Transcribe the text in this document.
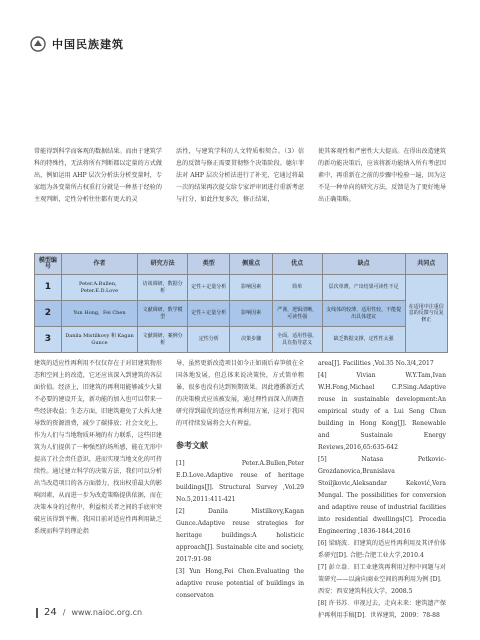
中国民族建筑
常能得到科学而客观的数据结果。而由于建筑学科的特殊性，无法将所有判断都以定量的方式做出，例如运用 AHP 层次分析法分析变量时，专家组为各变量所占权重打分就是一种基于经验的主观判断，定性分析往往都有更大的灵
活性，与建筑学科的人文特质相契合。（3）信息的反馈与修正需要贯彻整个决策阶段。德尔菲法对 AHP 层次分析法进行了补充，它通过将最一次的结果再次提交给专家评审团进行重新考虑与打分，如此往复多次，修正结果，
使其客观性和严密性大大提高。在得出改造建筑的新功能决策后，应该将新功能纳入所有考虑因素中，再重新在之前的步骤中检验一遍，因为这不是一种单向的研究方法，反馈是为了更好地导出正确策略。
模型编号	作者	研究方法	类型	侧重点	优点	缺点	共同点
1	Peter.A.Bullen，Peter.E.D.Love	访谈调研，数据分析	定性＋定量分析	影响因素	简单	层次单薄，产出结果可读性不足	在适用中注重信息的反馈与反复修正
2	Yun Hong，Fei Chen	文献调研，数学模型	定性＋定量分析	影响因素	严谨，逻辑清晰，可读性强	支线体的较薄，适用性较，不能提出具体建议	
3	Danila Mistilkovy 和 Kagan Gunce	文献调研，案例分析	定性分析	决策步骤	全面，适用性强，具有指导意义	缺乏数据支撑，定性性太强	
建筑的适应性再利用不仅仅存在于对旧建筑物形态和空间上的改造，它还应该深入到建筑的各层面价值。经济上，旧建筑的再利用能够减少大量不必要的建设开支，新功能的加入也可以带来一些经济收益；生态方面，旧建筑避免了大拆大建导致的资源浪费，减少了碳排放；社会文化上，作为人们与当地物质环境的有力联系，这些旧建筑为人们提供了一种强烈的场所感，能在无形中提高了社会责任意识，进而实现当地文化的可持续性。通过建立科学的决策方法，我们可以分析出当改造项目的各方面潜力，找出权重最大的影响因素，从而进一步为改造策略提供依据，而在决策本身的过程中，利益相关者之间的手底审突破应该得到平衡。我国目前对适应性再利用缺乏系统而科学的理论指

导，虽然更新改造项目如今正如雨后春笋般在全国各地发展，但总体来说决策快，方式简单粗暴，很多也没有达到预期效果。因此遵循新近式的决策模式应该被发展，通过理性而深入的调查研究得到最优的适应性再利用方案，这对于我国的可持续发展将会大有裨益。

参考文献

[1] Peter.A.Bullen,Peter E.D.Love.Adaptive reuse of heritage buildings[J]. Structural Survey ,Vol.29 No.5,2011:411-421

[2] Danila Mistilkovy,Kagan Gunce.Adaptive reuse strategies for heritage buildings:A holisticic approach[J]. Sustainable cite and society, 2017:91-98

[3] Yun Hong,Fei Chen.Evaluating the adaptive reuse potential of buildings in conservaton

area[J]. Facilities ,Vol.35 No.3/4,2017

[4] Vivian W.Y.Tam,Ivan W.H.Fong,Michael C.P.Sing.Adaptive reuse in sustainable development:An empirical study of a Lui Seng Chun building in Hong Kong[J]. Renewable and Sustainale Energy Reviews,2016,65:635-642

[5] Natasa Petkovic-Grozdanovica,Branislava Stoiljkovic,Aleksandar Keković,Vera Mungal. The possibilities for conversion and adaptive reuse of industrial facilities into residential dwellings[C]. Procedia Engineering ,1836-1844,2016

[6] 梁晓波．旧建筑的适应性再利用及其评价体系研究[D]. 合肥:合肥工业大学,2010.4

[7] 彭立盎．旧工业建筑再利用过程中问题与对策研究——以渝向商业空间的再利用为例 [D]．西安：西安建筑科技大学，2008.5

[8] 许书苏．审视过去，走向未来：建筑遗产保护再利用手稿[D]．世界建筑，2009：78-88

24 / www.naioc.org.cn
